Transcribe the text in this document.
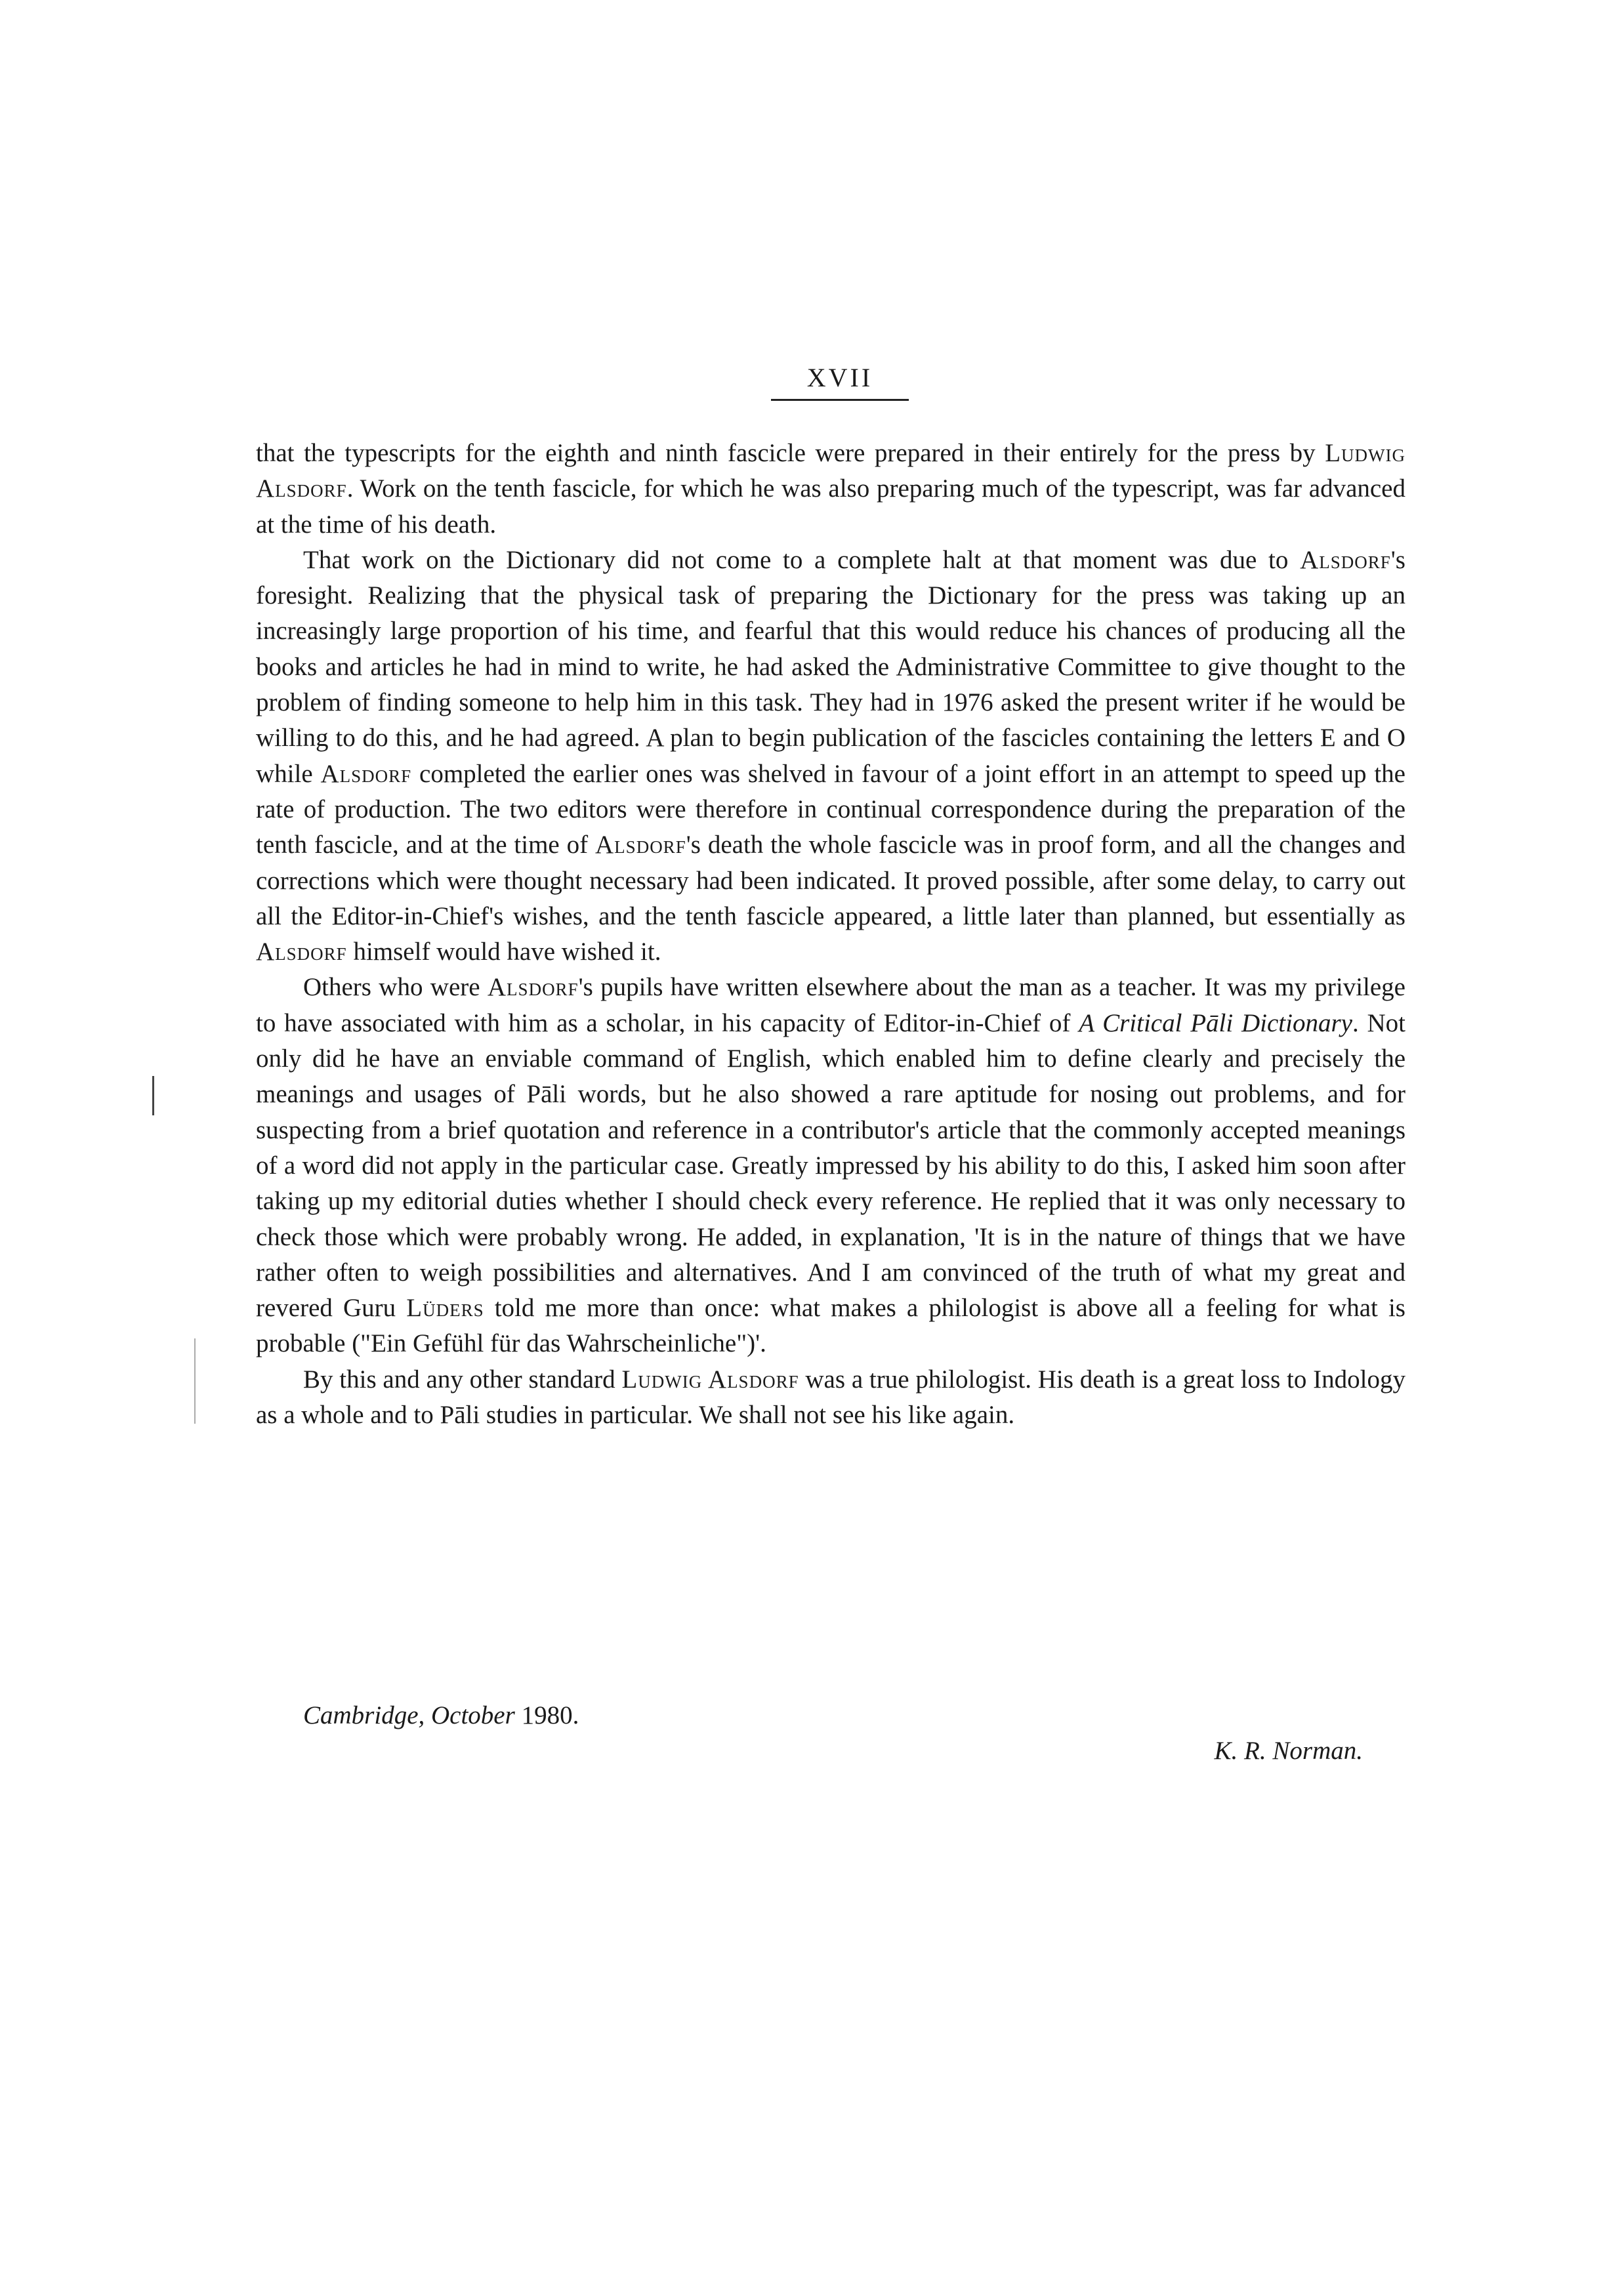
XVII

that the typescripts for the eighth and ninth fascicle were prepared in their entirely for the press by Ludwig Alsdorf. Work on the tenth fascicle, for which he was also preparing much of the typescript, was far advanced at the time of his death.

That work on the Dictionary did not come to a complete halt at that moment was due to Alsdorf's foresight. Realizing that the physical task of preparing the Dictionary for the press was taking up an increasingly large proportion of his time, and fearful that this would reduce his chances of producing all the books and articles he had in mind to write, he had asked the Administrative Committee to give thought to the problem of finding someone to help him in this task. They had in 1976 asked the present writer if he would be willing to do this, and he had agreed. A plan to begin publication of the fascicles containing the letters E and O while Alsdorf completed the earlier ones was shelved in favour of a joint effort in an attempt to speed up the rate of production. The two editors were therefore in continual correspondence during the preparation of the tenth fascicle, and at the time of Alsdorf's death the whole fascicle was in proof form, and all the changes and corrections which were thought necessary had been indicated. It proved possible, after some delay, to carry out all the Editor-in-Chief's wishes, and the tenth fascicle appeared, a little later than planned, but essentially as Alsdorf himself would have wished it.

Others who were Alsdorf's pupils have written elsewhere about the man as a teacher. It was my privilege to have associated with him as a scholar, in his capacity of Editor-in-Chief of A Critical Pāli Dictionary. Not only did he have an enviable command of English, which enabled him to define clearly and precisely the meanings and usages of Pāli words, but he also showed a rare aptitude for nosing out problems, and for suspecting from a brief quotation and reference in a contributor's article that the commonly accepted meanings of a word did not apply in the particular case. Greatly impressed by his ability to do this, I asked him soon after taking up my editorial duties whether I should check every reference. He replied that it was only necessary to check those which were probably wrong. He added, in explanation, 'It is in the nature of things that we have rather often to weigh possibilities and alternatives. And I am convinced of the truth of what my great and revered Guru Lüders told me more than once: what makes a philologist is above all a feeling for what is probable ("Ein Gefühl für das Wahrscheinliche")'.

By this and any other standard Ludwig Alsdorf was a true philologist. His death is a great loss to Indology as a whole and to Pāli studies in particular. We shall not see his like again.

Cambridge, October 1980.
K. R. Norman.
